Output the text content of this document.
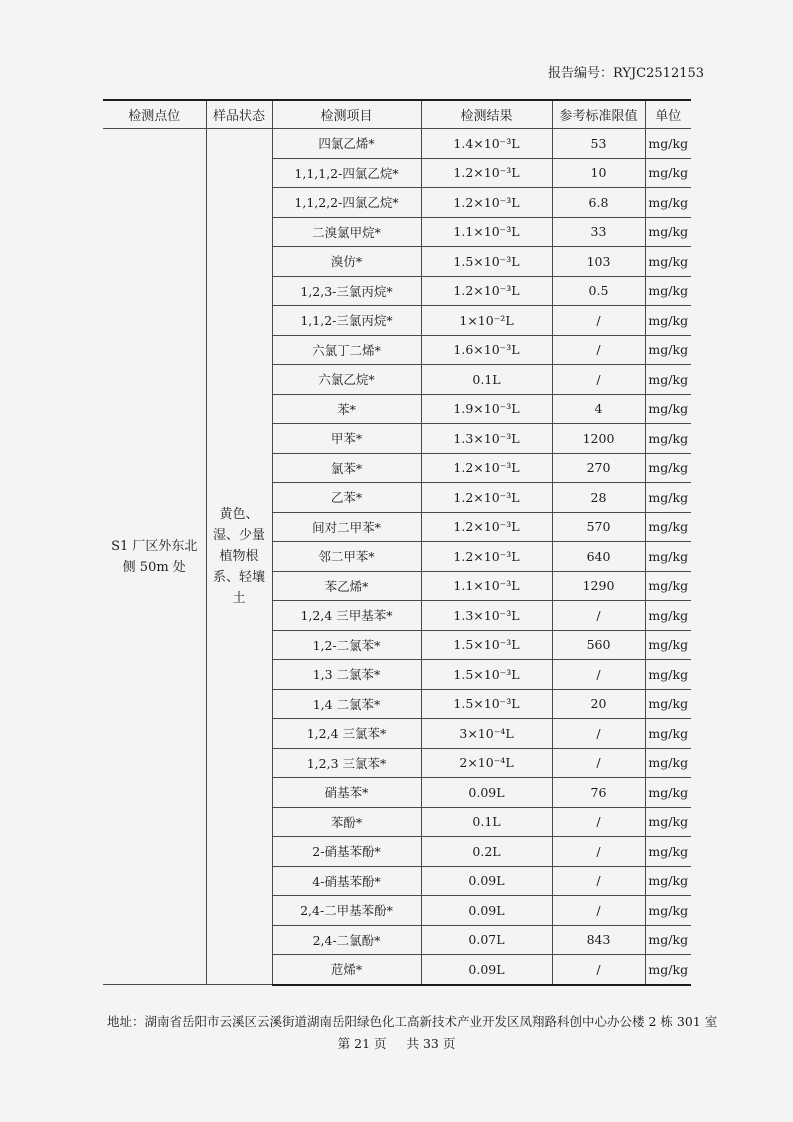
报告编号：RYJC2512153
检测点位	样品状态	检测项目	检测结果	参考标准限值	单位
S1 厂区外东北侧 50m 处	黄色、湿、少量植物根系、轻壤土	四氯乙烯*	1.4×10⁻³L	53	mg/kg
		1,1,1,2-四氯乙烷*	1.2×10⁻³L	10	mg/kg
		1,1,2,2-四氯乙烷*	1.2×10⁻³L	6.8	mg/kg
		二溴氯甲烷*	1.1×10⁻³L	33	mg/kg
		溴仿*	1.5×10⁻³L	103	mg/kg
		1,2,3-三氯丙烷*	1.2×10⁻³L	0.5	mg/kg
		1,1,2-三氯丙烷*	1×10⁻²L	/	mg/kg
		六氯丁二烯*	1.6×10⁻³L	/	mg/kg
		六氯乙烷*	0.1L	/	mg/kg
		苯*	1.9×10⁻³L	4	mg/kg
		甲苯*	1.3×10⁻³L	1200	mg/kg
		氯苯*	1.2×10⁻³L	270	mg/kg
		乙苯*	1.2×10⁻³L	28	mg/kg
		间对二甲苯*	1.2×10⁻³L	570	mg/kg
		邻二甲苯*	1.2×10⁻³L	640	mg/kg
		苯乙烯*	1.1×10⁻³L	1290	mg/kg
		1,2,4 三甲基苯*	1.3×10⁻³L	/	mg/kg
		1,2-二氯苯*	1.5×10⁻³L	560	mg/kg
		1,3 二氯苯*	1.5×10⁻³L	/	mg/kg
		1,4 二氯苯*	1.5×10⁻³L	20	mg/kg
		1,2,4 三氯苯*	3×10⁻⁴L	/	mg/kg
		1,2,3 三氯苯*	2×10⁻⁴L	/	mg/kg
		硝基苯*	0.09L	76	mg/kg
		苯酚*	0.1L	/	mg/kg
		2-硝基苯酚*	0.2L	/	mg/kg
		4-硝基苯酚*	0.09L	/	mg/kg
		2,4-二甲基苯酚*	0.09L	/	mg/kg
		2,4-二氯酚*	0.07L	843	mg/kg
		苊烯*	0.09L	/	mg/kg
地址：湖南省岳阳市云溪区云溪街道湖南岳阳绿色化工高新技术产业开发区凤翔路科创中心办公楼 2 栋 301 室
第 21 页 共 33 页
